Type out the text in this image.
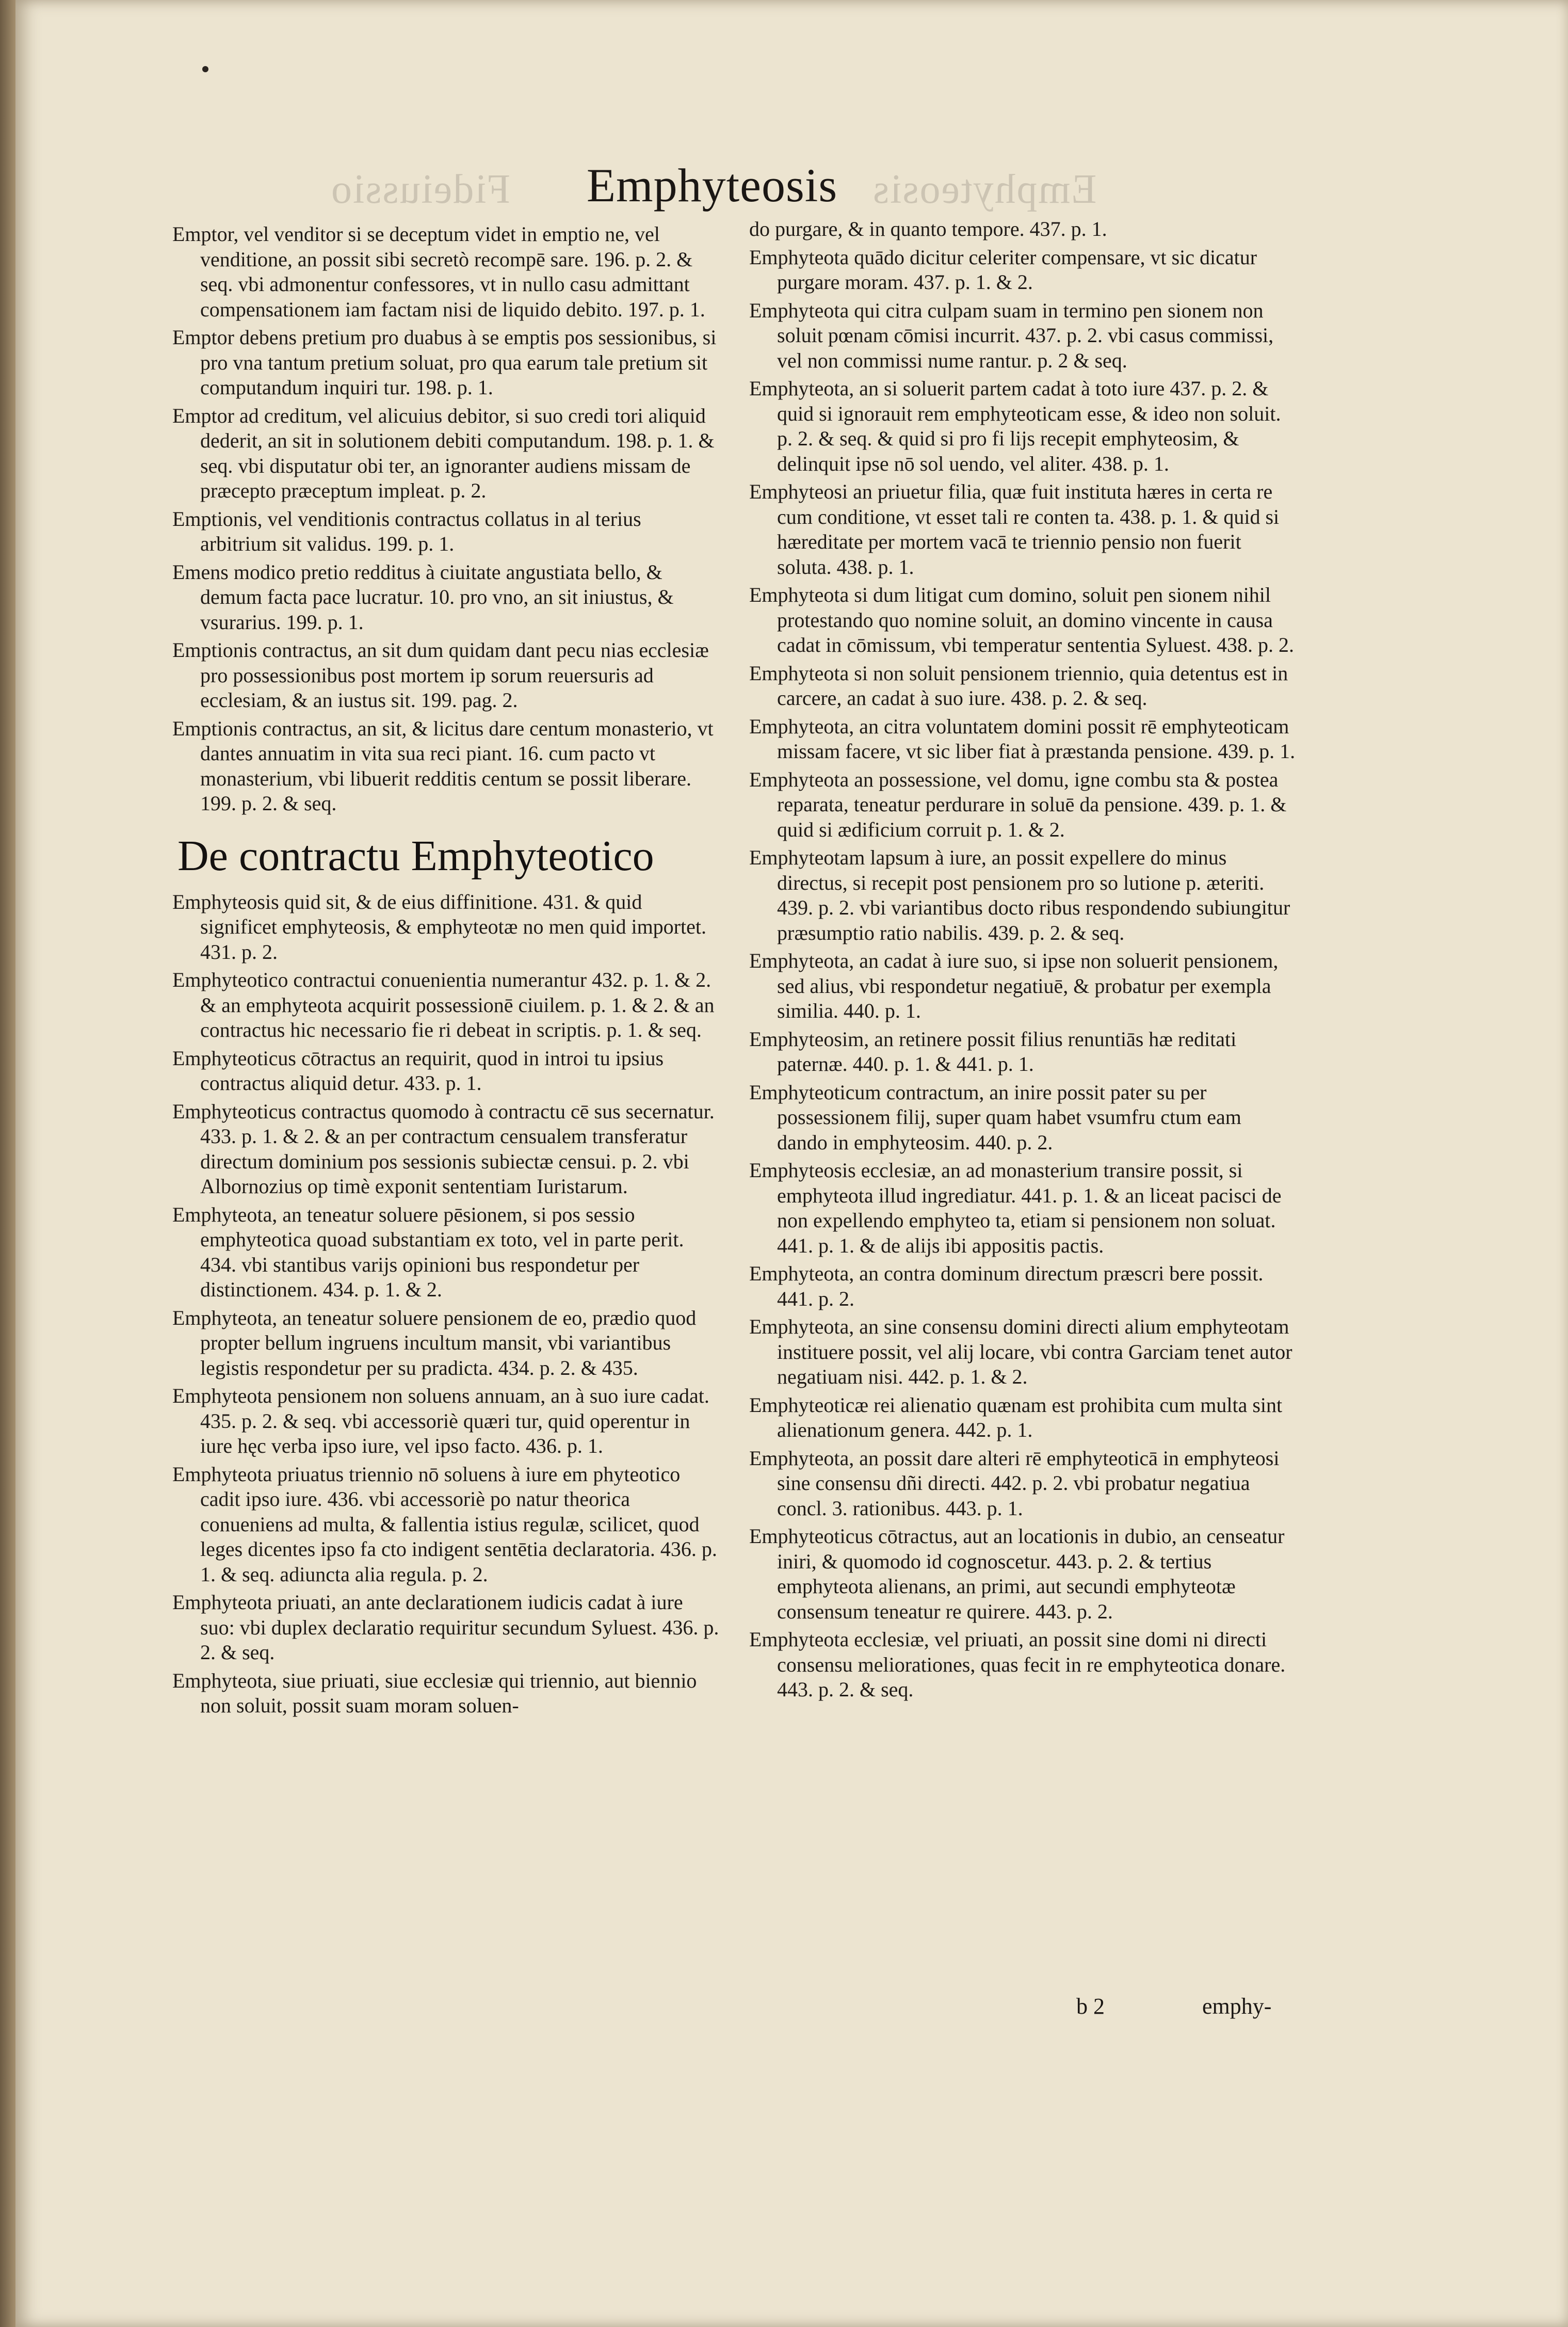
Fideiussio	Emphyteosis
Emphyteosis

Emptor, vel venditor si se deceptum videt in emptio ne, vel venditione, an possit sibi secretò recompē sare. 196. p. 2. & seq. vbi admonentur confessores, vt in nullo casu admittant compensationem iam factam nisi de liquido debito. 197. p. 1.

Emptor debens pretium pro duabus à se emptis pos sessionibus, si pro vna tantum pretium soluat, pro qua earum tale pretium sit computandum inquiri tur. 198. p. 1.

Emptor ad creditum, vel alicuius debitor, si suo credi tori aliquid dederit, an sit in solutionem debiti computandum. 198. p. 1. & seq. vbi disputatur obi ter, an ignoranter audiens missam de præcepto præceptum impleat. p. 2.

Emptionis, vel venditionis contractus collatus in al terius arbitrium sit validus. 199. p. 1.

Emens modico pretio redditus à ciuitate angustiata bello, & demum facta pace lucratur. 10. pro vno, an sit iniustus, & vsurarius. 199. p. 1.

Emptionis contractus, an sit dum quidam dant pecu nias ecclesiæ pro possessionibus post mortem ip sorum reuersuris ad ecclesiam, & an iustus sit. 199. pag. 2.

Emptionis contractus, an sit, & licitus dare centum monasterio, vt dantes annuatim in vita sua reci piant. 16. cum pacto vt monasterium, vbi libuerit redditis centum se possit liberare. 199. p. 2. & seq.

De contractu Emphyteotico

Emphyteosis quid sit, & de eius diffinitione. 431. & quid significet emphyteosis, & emphyteotæ no men quid importet. 431. p. 2.

Emphyteotico contractui conuenientia numerantur 432. p. 1. & 2. & an emphyteota acquirit possessionē ciuilem. p. 1. & 2. & an contractus hic necessario fie ri debeat in scriptis. p. 1. & seq.

Emphyteoticus cōtractus an requirit, quod in introi tu ipsius contractus aliquid detur. 433. p. 1.

Emphyteoticus contractus quomodo à contractu cē sus secernatur. 433. p. 1. & 2. & an per contractum censualem transferatur directum dominium pos sessionis subiectæ censui. p. 2. vbi Albornozius op timè exponit sententiam Iuristarum.

Emphyteota, an teneatur soluere pēsionem, si pos sessio emphyteotica quoad substantiam ex toto, vel in parte perit. 434. vbi stantibus varijs opinioni bus respondetur per distinctionem. 434. p. 1. & 2.

Emphyteota, an teneatur soluere pensionem de eo, prædio quod propter bellum ingruens incultum mansit, vbi variantibus legistis respondetur per su pradicta. 434. p. 2. & 435.

Emphyteota pensionem non soluens annuam, an à suo iure cadat. 435. p. 2. & seq. vbi accessoriè quæri tur, quid operentur in iure hęc verba ipso iure, vel ipso facto. 436. p. 1.

Emphyteota priuatus triennio nō soluens à iure em phyteotico cadit ipso iure. 436. vbi accessoriè po natur theorica conueniens ad multa, & fallentia istius regulæ, scilicet, quod leges dicentes ipso fa cto indigent sentētia declaratoria. 436. p. 1. & seq. adiuncta alia regula. p. 2.

Emphyteota priuati, an ante declarationem iudicis cadat à iure suo: vbi duplex declaratio requiritur secundum Syluest. 436. p. 2. & seq.

Emphyteota, siue priuati, siue ecclesiæ qui triennio, aut biennio non soluit, possit suam moram soluen-

do purgare, & in quanto tempore. 437. p. 1.

Emphyteota quādo dicitur celeriter compensare, vt sic dicatur purgare moram. 437. p. 1. & 2.

Emphyteota qui citra culpam suam in termino pen sionem non soluit pœnam cōmisi incurrit. 437. p. 2. vbi casus commissi, vel non commissi nume rantur. p. 2 & seq.

Emphyteota, an si soluerit partem cadat à toto iure 437. p. 2. & quid si ignorauit rem emphyteoticam esse, & ideo non soluit. p. 2. & seq. & quid si pro fi lijs recepit emphyteosim, & delinquit ipse nō sol uendo, vel aliter. 438. p. 1.

Emphyteosi an priuetur filia, quæ fuit instituta hæres in certa re cum conditione, vt esset tali re conten ta. 438. p. 1. & quid si hæreditate per mortem vacā te triennio pensio non fuerit soluta. 438. p. 1.

Emphyteota si dum litigat cum domino, soluit pen sionem nihil protestando quo nomine soluit, an domino vincente in causa cadat in cōmissum, vbi temperatur sententia Syluest. 438. p. 2.

Emphyteota si non soluit pensionem triennio, quia detentus est in carcere, an cadat à suo iure. 438. p. 2. & seq.

Emphyteota, an citra voluntatem domini possit rē emphyteoticam missam facere, vt sic liber fiat à præstanda pensione. 439. p. 1.

Emphyteota an possessione, vel domu, igne combu sta & postea reparata, teneatur perdurare in soluē da pensione. 439. p. 1. & quid si ædificium corruit p. 1. & 2.

Emphyteotam lapsum à iure, an possit expellere do minus directus, si recepit post pensionem pro so lutione p. æteriti. 439. p. 2. vbi variantibus docto ribus respondendo subiungitur præsumptio ratio nabilis. 439. p. 2. & seq.

Emphyteota, an cadat à iure suo, si ipse non soluerit pensionem, sed alius, vbi respondetur negatiuē, & probatur per exempla similia. 440. p. 1.

Emphyteosim, an retinere possit filius renuntiās hæ reditati paternæ. 440. p. 1. & 441. p. 1.

Emphyteoticum contractum, an inire possit pater su per possessionem filij, super quam habet vsumfru ctum eam dando in emphyteosim. 440. p. 2.

Emphyteosis ecclesiæ, an ad monasterium transire possit, si emphyteota illud ingrediatur. 441. p. 1. & an liceat pacisci de non expellendo emphyteo ta, etiam si pensionem non soluat. 441. p. 1. & de alijs ibi appositis pactis.

Emphyteota, an contra dominum directum præscri bere possit. 441. p. 2.

Emphyteota, an sine consensu domini directi alium emphyteotam instituere possit, vel alij locare, vbi contra Garciam tenet autor negatiuam nisi. 442. p. 1. & 2.

Emphyteoticæ rei alienatio quænam est prohibita cum multa sint alienationum genera. 442. p. 1.

Emphyteota, an possit dare alteri rē emphyteoticā in emphyteosi sine consensu dñi directi. 442. p. 2. vbi probatur negatiua concl. 3. rationibus. 443. p. 1.

Emphyteoticus cōtractus, aut an locationis in dubio, an censeatur iniri, & quomodo id cognoscetur. 443. p. 2. & tertius emphyteota alienans, an primi, aut secundi emphyteotæ consensum teneatur re quirere. 443. p. 2.

Emphyteota ecclesiæ, vel priuati, an possit sine domi ni directi consensu meliorationes, quas fecit in re emphyteotica donare. 443. p. 2. & seq.

b 2	emphy-
